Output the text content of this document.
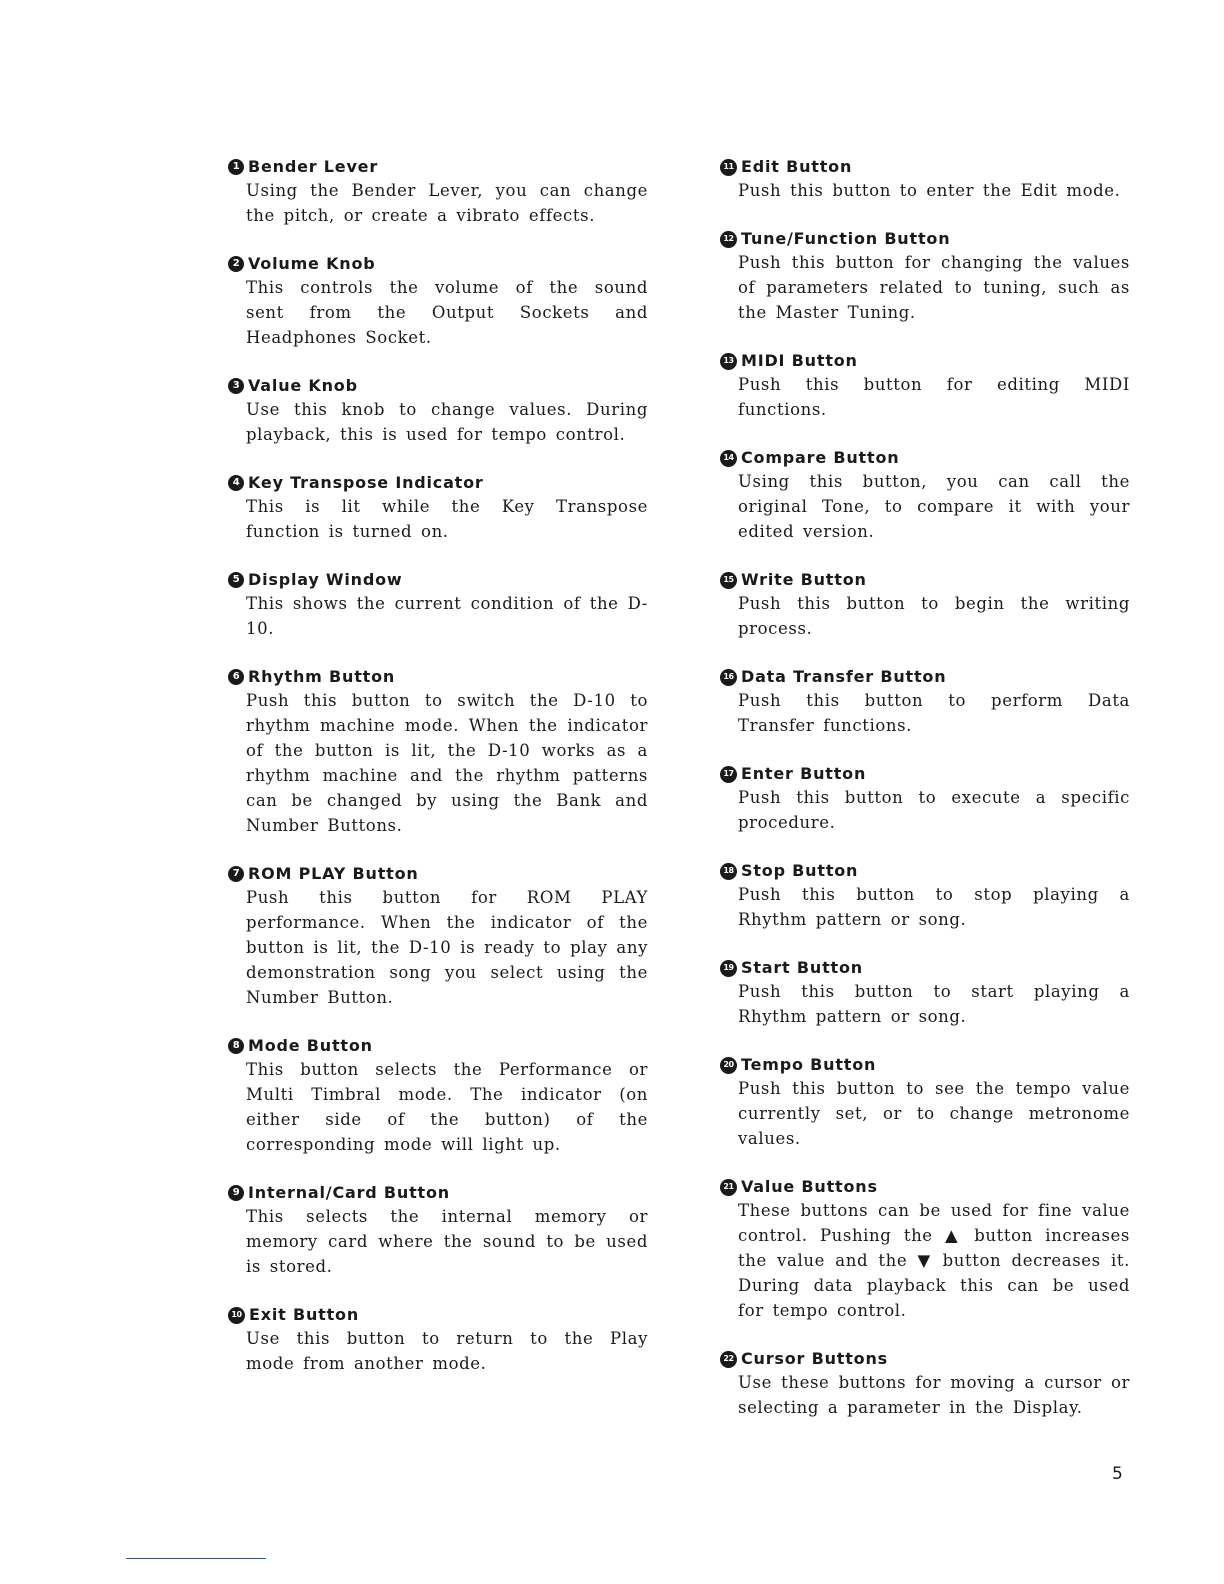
1 Bender Lever
Using the Bender Lever, you can change the pitch, or create a vibrato effects.
2 Volume Knob
This controls the volume of the sound sent from the Output Sockets and Headphones Socket.
3 Value Knob
Use this knob to change values. During playback, this is used for tempo control.
4 Key Transpose Indicator
This is lit while the Key Transpose function is turned on.
5 Display Window
This shows the current condition of the D-10.
6 Rhythm Button
Push this button to switch the D-10 to rhythm machine mode. When the indicator of the button is lit, the D-10 works as a rhythm machine and the rhythm patterns can be changed by using the Bank and Number Buttons.
7 ROM PLAY Button
Push this button for ROM PLAY performance. When the indicator of the button is lit, the D-10 is ready to play any demonstration song you select using the Number Button.
8 Mode Button
This button selects the Performance or Multi Timbral mode. The indicator (on either side of the button) of the corresponding mode will light up.
9 Internal/Card Button
This selects the internal memory or memory card where the sound to be used is stored.
10 Exit Button
Use this button to return to the Play mode from another mode.
11 Edit Button
Push this button to enter the Edit mode.
12 Tune/Function Button
Push this button for changing the values of parameters related to tuning, such as the Master Tuning.
13 MIDI Button
Push this button for editing MIDI functions.
14 Compare Button
Using this button, you can call the original Tone, to compare it with your edited version.
15 Write Button
Push this button to begin the writing process.
16 Data Transfer Button
Push this button to perform Data Transfer functions.
17 Enter Button
Push this button to execute a specific procedure.
18 Stop Button
Push this button to stop playing a Rhythm pattern or song.
19 Start Button
Push this button to start playing a Rhythm pattern or song.
20 Tempo Button
Push this button to see the tempo value currently set, or to change metronome values.
21 Value Buttons
These buttons can be used for fine value control. Pushing the ▲ button increases the value and the ▼ button decreases it. During data playback this can be used for tempo control.
22 Cursor Buttons
Use these buttons for moving a cursor or selecting a parameter in the Display.
5
